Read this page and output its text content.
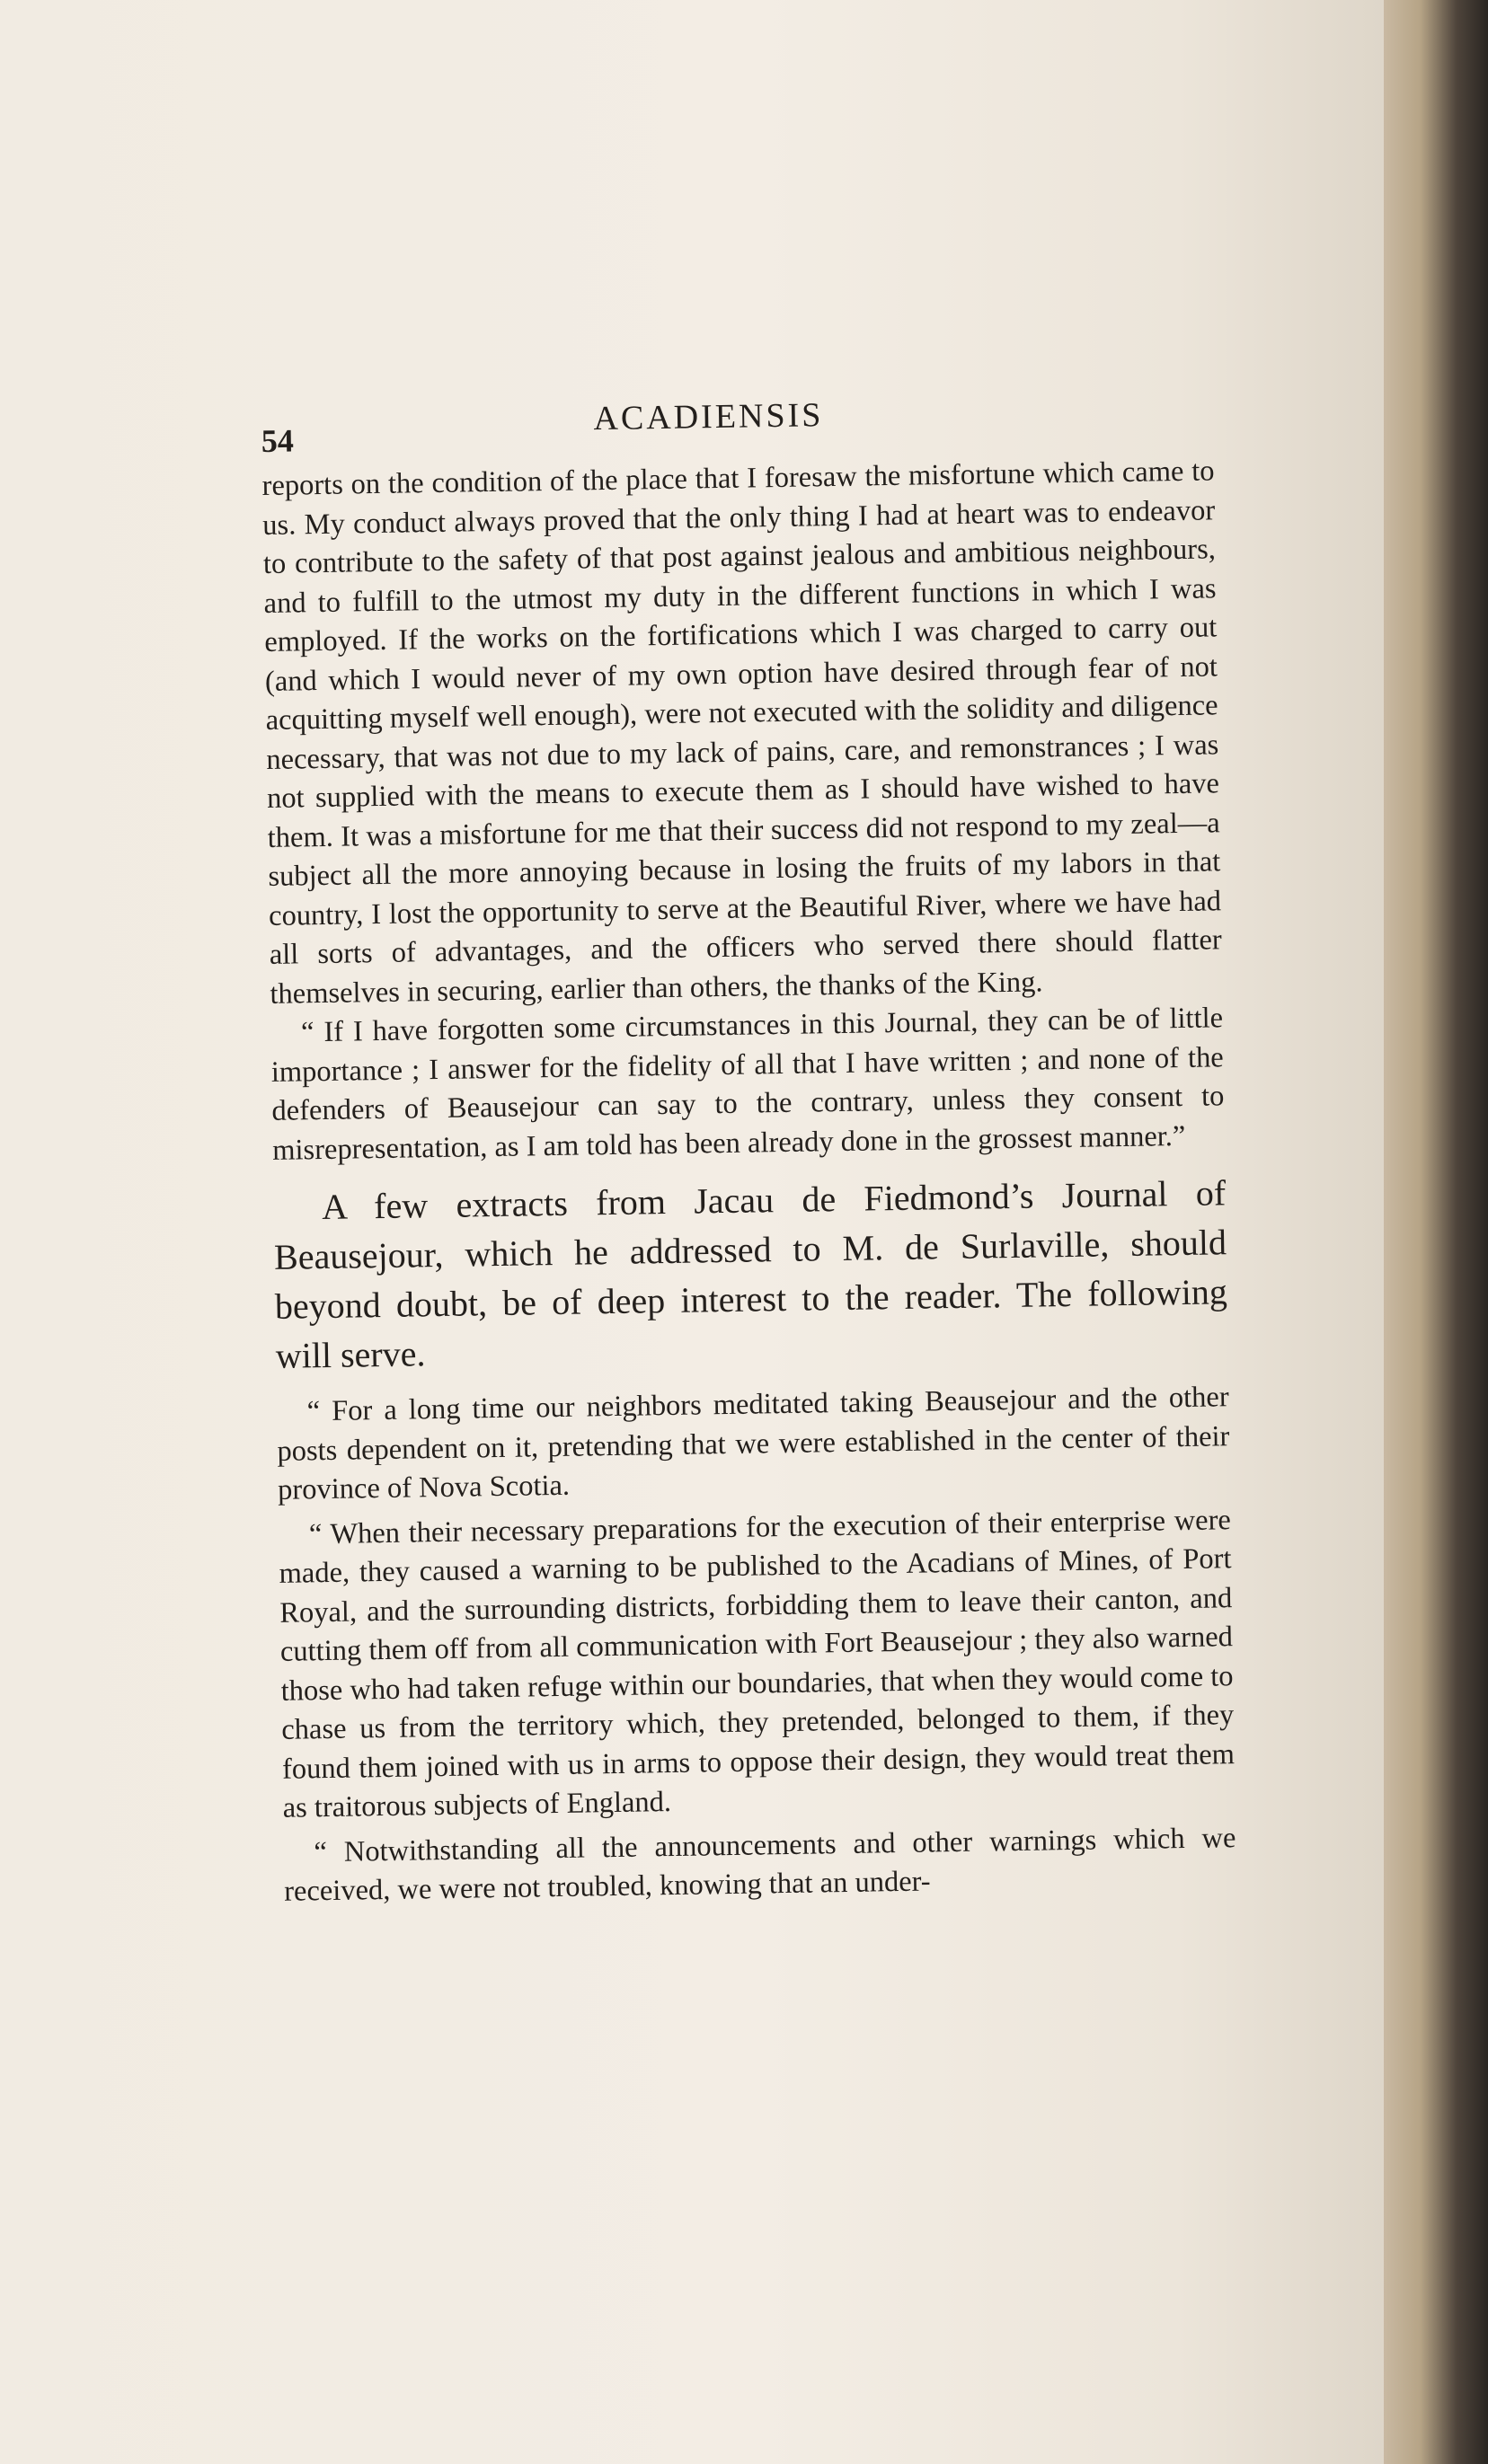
54
ACADIENSIS

reports on the condition of the place that I foresaw the misfortune which came to us. My conduct always proved that the only thing I had at heart was to endeavor to contribute to the safety of that post against jealous and ambitious neighbours, and to fulfill to the utmost my duty in the different functions in which I was employed. If the works on the fortifications which I was charged to carry out (and which I would never of my own option have desired through fear of not acquitting myself well enough), were not executed with the solidity and diligence necessary, that was not due to my lack of pains, care, and remonstrances ; I was not supplied with the means to execute them as I should have wished to have them. It was a misfortune for me that their success did not respond to my zeal—a subject all the more annoying because in losing the fruits of my labors in that country, I lost the opportunity to serve at the Beautiful River, where we have had all sorts of advantages, and the officers who served there should flatter themselves in securing, earlier than others, the thanks of the King.

“ If I have forgotten some circumstances in this Journal, they can be of little importance ; I answer for the fidelity of all that I have written ; and none of the defenders of Beausejour can say to the contrary, unless they consent to misrepresentation, as I am told has been already done in the grossest manner.”

A few extracts from Jacau de Fiedmond’s Journal of Beausejour, which he addressed to M. de Surlaville, should beyond doubt, be of deep interest to the reader. The following will serve.

“ For a long time our neighbors meditated taking Beausejour and the other posts dependent on it, pretending that we were established in the center of their province of Nova Scotia.

“ When their necessary preparations for the execution of their enterprise were made, they caused a warning to be published to the Acadians of Mines, of Port Royal, and the surrounding districts, forbidding them to leave their canton, and cutting them off from all communication with Fort Beausejour ; they also warned those who had taken refuge within our boundaries, that when they would come to chase us from the territory which, they pretended, belonged to them, if they found them joined with us in arms to oppose their design, they would treat them as traitorous subjects of England.

“ Notwithstanding all the announcements and other warnings which we received, we were not troubled, knowing that an under-
